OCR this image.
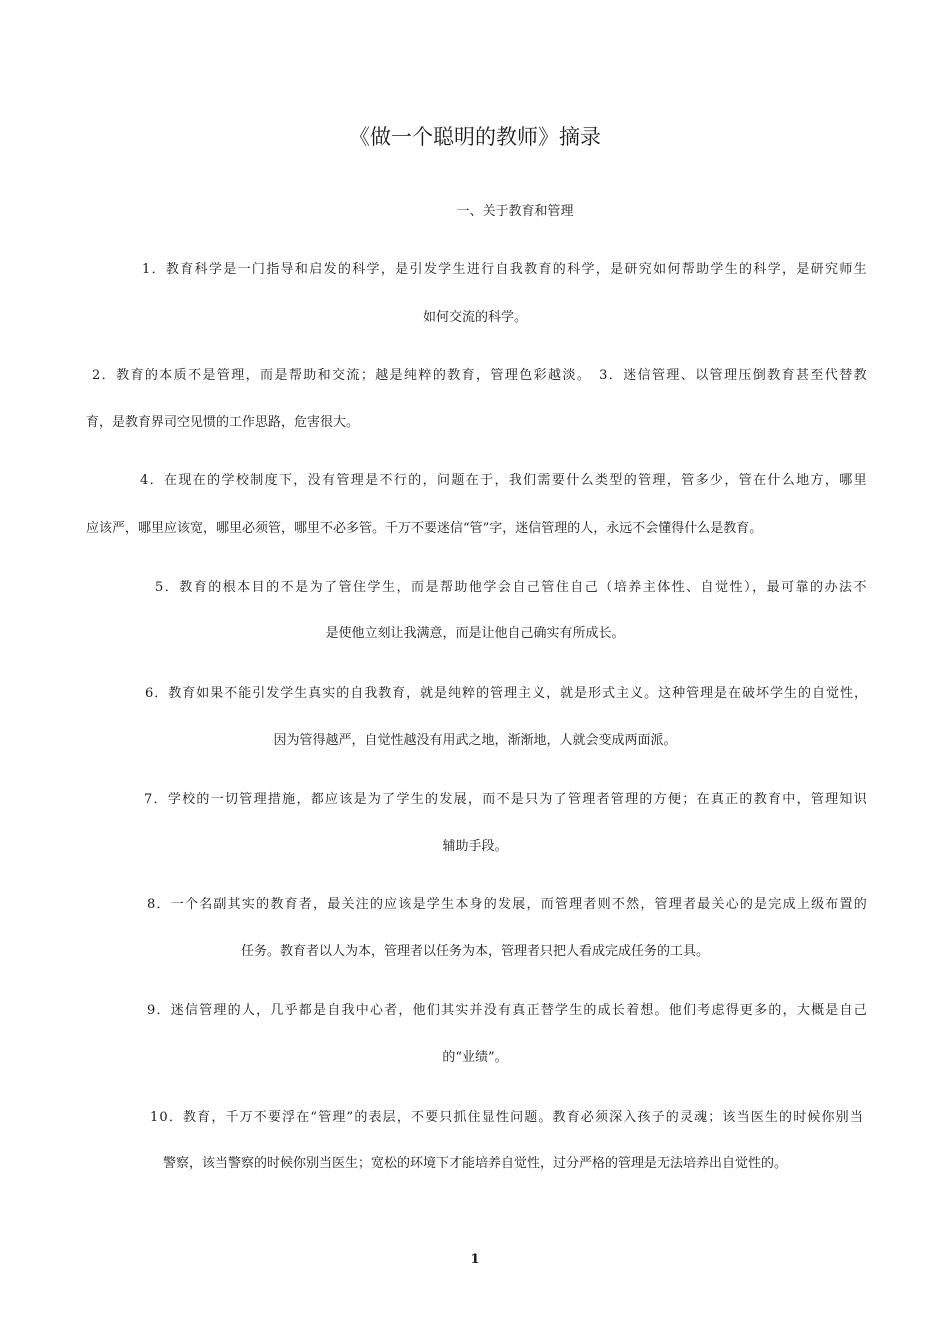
《做一个聪明的教师》摘录
一、关于教育和管理
1．教育科学是一门指导和启发的科学，是引发学生进行自我教育的科学，是研究如何帮助学生的科学，是研究师生
如何交流的科学。
2．教育的本质不是管理，而是帮助和交流；越是纯粹的教育，管理色彩越淡。　3．迷信管理、以管理压倒教育甚至代替教
育，是教育界司空见惯的工作思路，危害很大。
4．在现在的学校制度下，没有管理是不行的，问题在于，我们需要什么类型的管理，管多少，管在什么地方，哪里
应该严，哪里应该宽，哪里必须管，哪里不必多管。千万不要迷信“管”字，迷信管理的人，永远不会懂得什么是教育。
5．教育的根本目的不是为了管住学生，而是帮助他学会自己管住自己（培养主体性、自觉性），最可靠的办法不
是使他立刻让我满意，而是让他自己确实有所成长。
6．教育如果不能引发学生真实的自我教育，就是纯粹的管理主义，就是形式主义。这种管理是在破坏学生的自觉性，
因为管得越严，自觉性越没有用武之地，渐渐地，人就会变成两面派。
7．学校的一切管理措施，都应该是为了学生的发展，而不是只为了管理者管理的方便；在真正的教育中，管理知识
辅助手段。
8．一个名副其实的教育者，最关注的应该是学生本身的发展，而管理者则不然，管理者最关心的是完成上级布置的
任务。教育者以人为本，管理者以任务为本，管理者只把人看成完成任务的工具。
9．迷信管理的人，几乎都是自我中心者，他们其实并没有真正替学生的成长着想。他们考虑得更多的，大概是自己
的“业绩”。
10．教育，千万不要浮在“管理”的表层，不要只抓住显性问题。教育必须深入孩子的灵魂；该当医生的时候你别当
警察，该当警察的时候你别当医生；宽松的环境下才能培养自觉性，过分严格的管理是无法培养出自觉性的。
1
